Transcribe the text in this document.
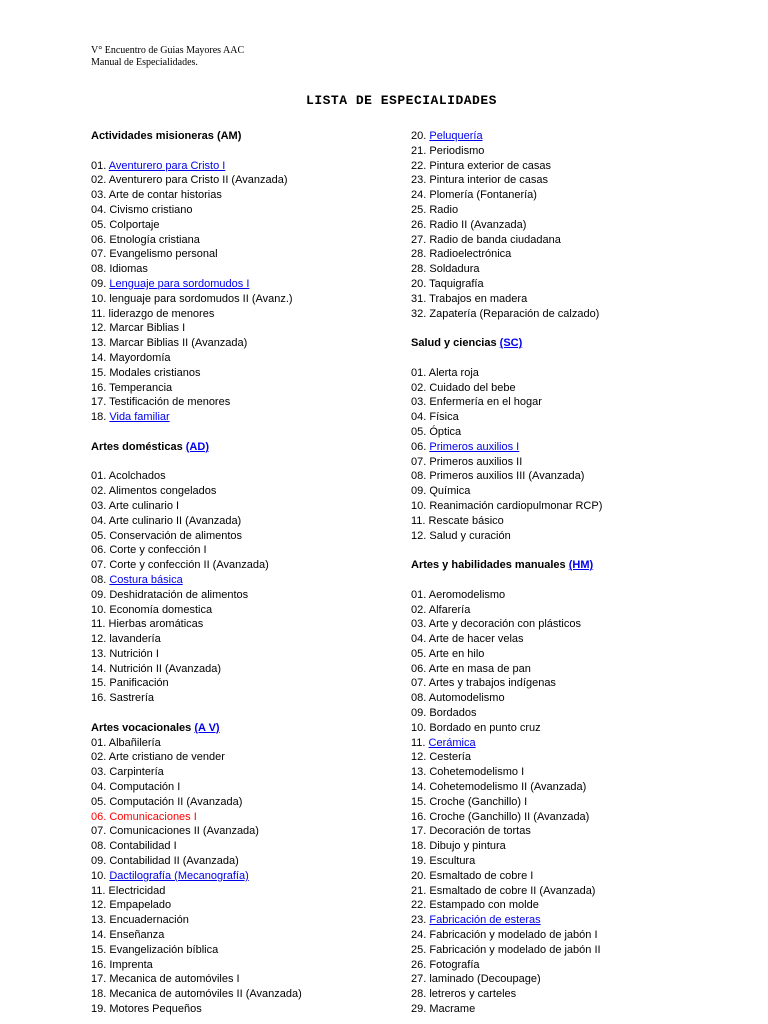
V° Encuentro de Guias Mayores AAC
Manual de Especialidades.
LISTA DE ESPECIALIDADES
Actividades misioneras (AM)
01. Aventurero para Cristo I
02. Aventurero para Cristo II (Avanzada)
03. Arte de contar historias
04. Civismo cristiano
05. Colportaje
06. Etnología cristiana
07. Evangelismo personal
08. Idiomas
09. Lenguaje para sordomudos I
10. lenguaje para sordomudos II (Avanz.)
11. liderazgo de menores
12. Marcar Biblias I
13. Marcar Biblias II (Avanzada)
14. Mayordomía
15. Modales cristianos
16. Temperancia
17. Testificación de menores
18. Vida familiar
Artes domésticas (AD)
01. Acolchados
02. Alimentos congelados
03. Arte culinario I
04. Arte culinario II (Avanzada)
05. Conservación de alimentos
06. Corte y confección I
07. Corte y confección II (Avanzada)
08. Costura básica
09. Deshidratación de alimentos
10. Economía domestica
11. Hierbas aromáticas
12. lavandería
13. Nutrición I
14. Nutrición II (Avanzada)
15. Panificación
16. Sastrería
Artes vocacionales (A V)
01. Albañilería
02. Arte cristiano de vender
03. Carpintería
04. Computación I
05. Computación II (Avanzada)
06. Comunicaciones I
07. Comunicaciones II (Avanzada)
08. Contabilidad I
09. Contabilidad II (Avanzada)
10. Dactilografía (Mecanografía)
11. Electricidad
12. Empapelado
13. Encuadernación
14. Enseñanza
15. Evangelización bíblica
16. Imprenta
17. Mecanica de automóviles I
18. Mecanica de automóviles II (Avanzada)
19. Motores Pequeños
20. Peluquería
21. Periodismo
22. Pintura exterior de casas
23. Pintura interior de casas
24. Plomería (Fontanería)
25. Radio
26. Radio II (Avanzada)
27. Radio de banda ciudadana
28. Radioelectrónica
28. Soldadura
20. Taquigrafía
31. Trabajos en madera
32. Zapatería (Reparación de calzado)
Salud y ciencias (SC)
01. Alerta roja
02. Cuidado del bebe
03. Enfermería en el hogar
04. Física
05. Óptica
06. Primeros auxilios I
07. Primeros auxilios II
08. Primeros auxilios III (Avanzada)
09. Química
10. Reanimación cardiopulmonar RCP)
11. Rescate básico
12. Salud y curación
Artes y habilidades manuales (HM)
01. Aeromodelismo
02. Alfarería
03. Arte y decoración con plásticos
04. Arte de hacer velas
05. Arte en hilo
06. Arte en masa de pan
07. Artes y trabajos indígenas
08. Automodelismo
09. Bordados
10. Bordado en punto cruz
11. Cerámica
12. Cestería
13. Cohetemodelismo I
14. Cohetemodelismo II (Avanzada)
15. Croche (Ganchillo) I
16. Croche (Ganchillo) II (Avanzada)
17. Decoración de tortas
18. Dibujo y pintura
19. Escultura
20. Esmaltado de cobre I
21. Esmaltado de cobre II (Avanzada)
22. Estampado con molde
23. Fabricación de esteras
24. Fabricación y modelado de jabón I
25. Fabricación y modelado de jabón II
26. Fotografía
27. laminado (Decoupage)
28. letreros y carteles
29. Macrame
